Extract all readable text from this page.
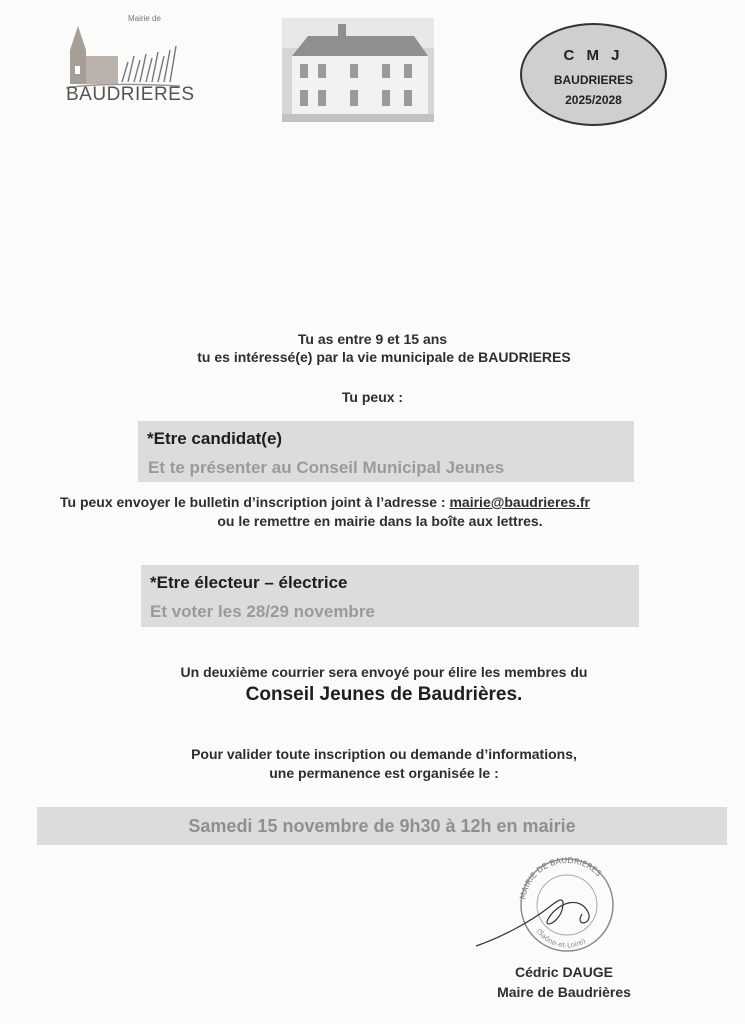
Mairie de
BAUDRIERES
C M J
BAUDRIERES
2025/2028
Tu as entre 9 et 15 ans
tu es intéressé(e) par la vie municipale de BAUDRIERES
Tu peux :
*Etre candidat(e)
Et te présenter au Conseil Municipal Jeunes
Tu peux envoyer le bulletin d’inscription joint à l’adresse : mairie@baudrieres.fr
ou le remettre en mairie dans la boîte aux lettres.
*Etre électeur – électrice
Et voter les 28/29 novembre
Un deuxième courrier sera envoyé pour élire les membres du
Conseil Jeunes de Baudrières.
Pour valider toute inscription ou demande d’informations,
une permanence est organisée le :
Samedi 15 novembre de 9h30 à 12h en mairie
MAIRIE DE BAUDRIERES
(Saône-et-Loire)
Cédric DAUGE
Maire de Baudrières
